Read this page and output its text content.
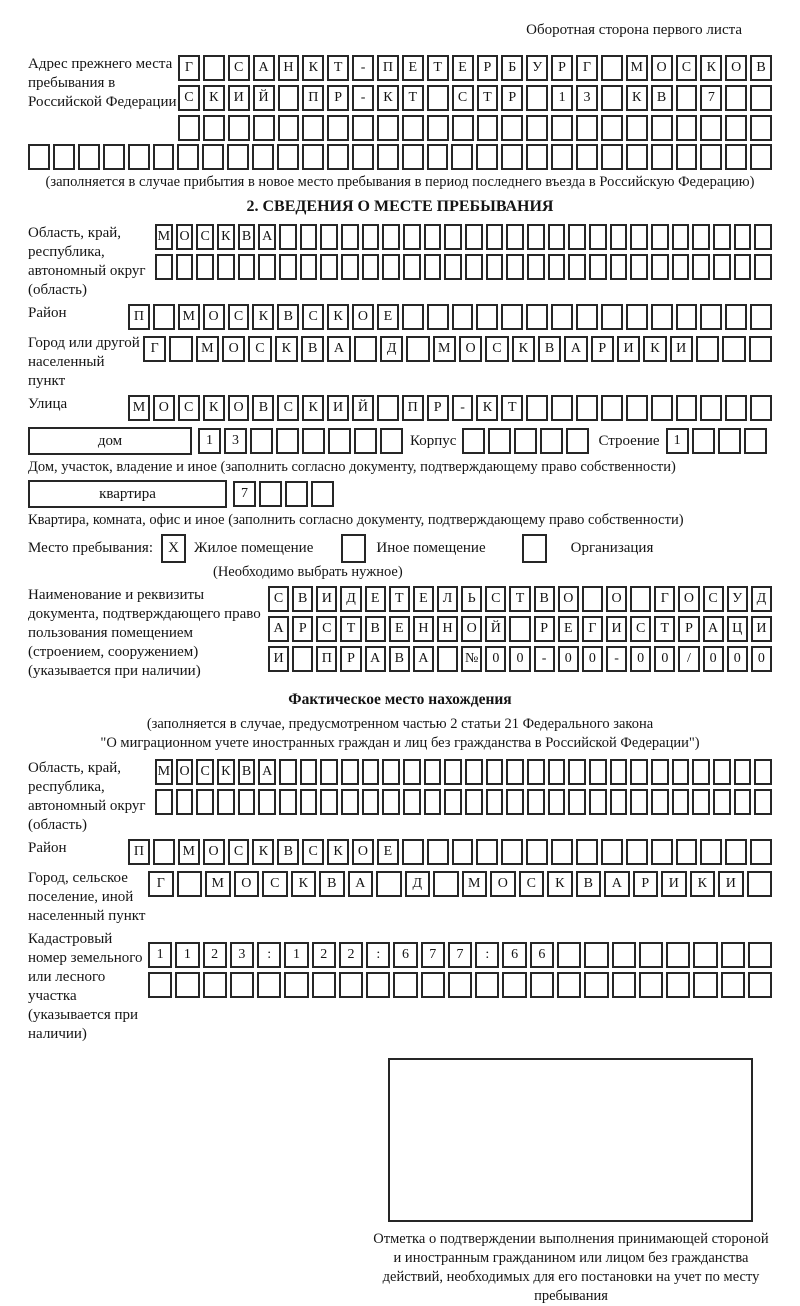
Оборотная сторона первого листа
Адрес прежнего места пребывания в Российской Федерации
Г	С	А	Н	К	Т	-	П	Е	Т	Е	Р	Б	У	Р	Г	М О	С	К	О	В
С	К	И	Й	П	Р	-	К	Т	С	Т	Р	1	3	К	В	7
(заполняется в случае прибытия в новое место пребывания в период последнего въезда в Российскую Федерацию)
2. СВЕДЕНИЯ О МЕСТЕ ПРЕБЫВАНИЯ
Область, край, республика, автономный округ (область)
М О С К В А
Район	П	М О	С	К	В	С	К	О	Е
Город или другой населенный пункт
Г	М	О	С	К	В	А	Д	М	О	С	К	В	А	Р	И	К	И
Улица	М О	С	К	О	В	С	К	И	Й	П	Р	-	К	Т
дом	1	3	Корпус	Строение	1
Дом, участок, владение и иное (заполнить согласно документу, подтверждающему право собственности)
квартира	7
Квартира, комната, офис и иное (заполнить согласно документу, подтверждающему право собственности)
Место пребывания:	X	Жилое помещение	Иное помещение	Организация
(Необходимо выбрать нужное)
Наименование и реквизиты документа, подтверждающего право пользования помещением (строением, сооружением) (указывается при наличии)
С	В	И	Д	Е	Т	Е	Л	Ь	С	Т	В	О	О	Г	О	С	У	Д
А	Р	С	Т	В	Е	Н	Н	О	Й	Р	Е	Г	И	С	Т	Р	А	Ц	И
И	П	Р	А	В	А	№ 0	0	-	0	0	-	0	0	/	0	0	0
Фактическое место нахождения
(заполняется в случае, предусмотренном частью 2 статьи 21 Федерального закона
"О миграционном учете иностранных граждан и лиц без гражданства в Российской Федерации")
Область, край, республика, автономный округ (область)
М О С К В А
Район	П	М О	С	К	В	С	К	О	Е
Город, сельское поселение, иной населенный пункт
Г	М	О	С	К	В	А	Д	М	О	С	К	В	А	Р	И	К	И
Кадастровый номер земельного или лесного участка (указывается при наличии)
1	1	2	3	:	1	2	2	:	6	7	7	:	6	6
Отметка о подтверждении выполнения принимающей стороной и иностранным гражданином или лицом без гражданства действий, необходимых для его постановки на учет по месту пребывания
